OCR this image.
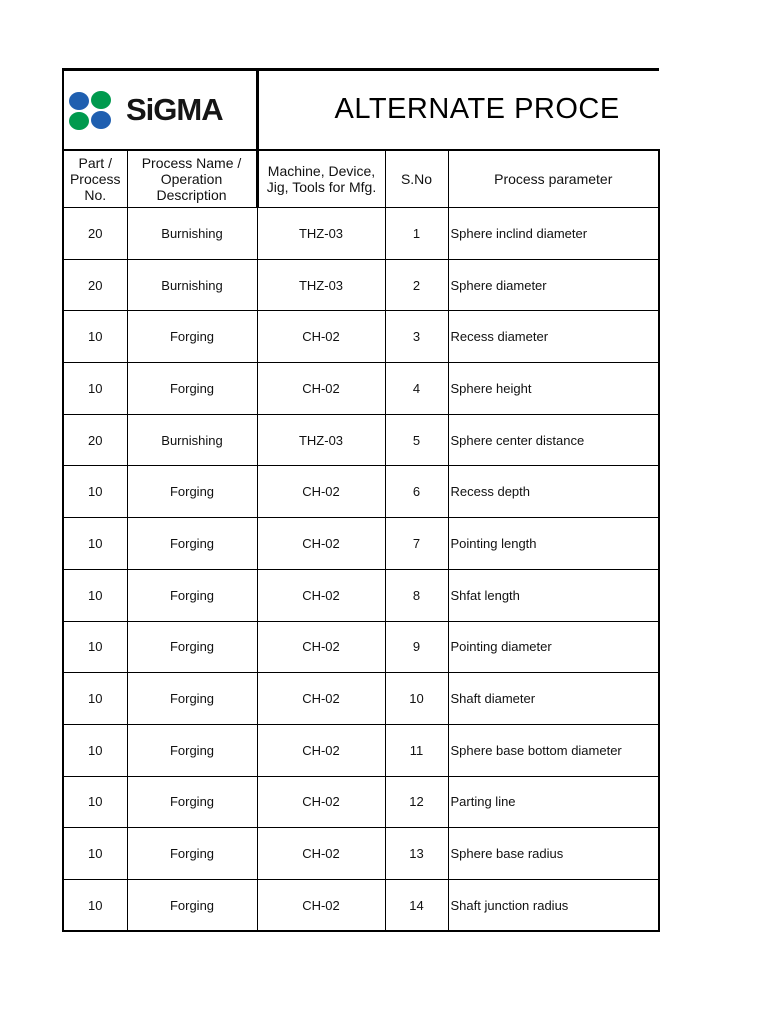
SiGMA		ALTERNATE PROCE		

Part / Process No.	Process Name / Operation Description	Machine, Device, Jig, Tools for Mfg.	S.No	Process parameter
20	Burnishing	THZ-03	1	Sphere inclind diameter
20	Burnishing	THZ-03	2	Sphere diameter
10	Forging	CH-02	3	Recess diameter
10	Forging	CH-02	4	Sphere height
20	Burnishing	THZ-03	5	Sphere center distance
10	Forging	CH-02	6	Recess depth
10	Forging	CH-02	7	Pointing length
10	Forging	CH-02	8	Shfat length
10	Forging	CH-02	9	Pointing diameter
10	Forging	CH-02	10	Shaft diameter
10	Forging	CH-02	11	Sphere base bottom diameter
10	Forging	CH-02	12	Parting line
10	Forging	CH-02	13	Sphere base radius
10	Forging	CH-02	14	Shaft junction radius
